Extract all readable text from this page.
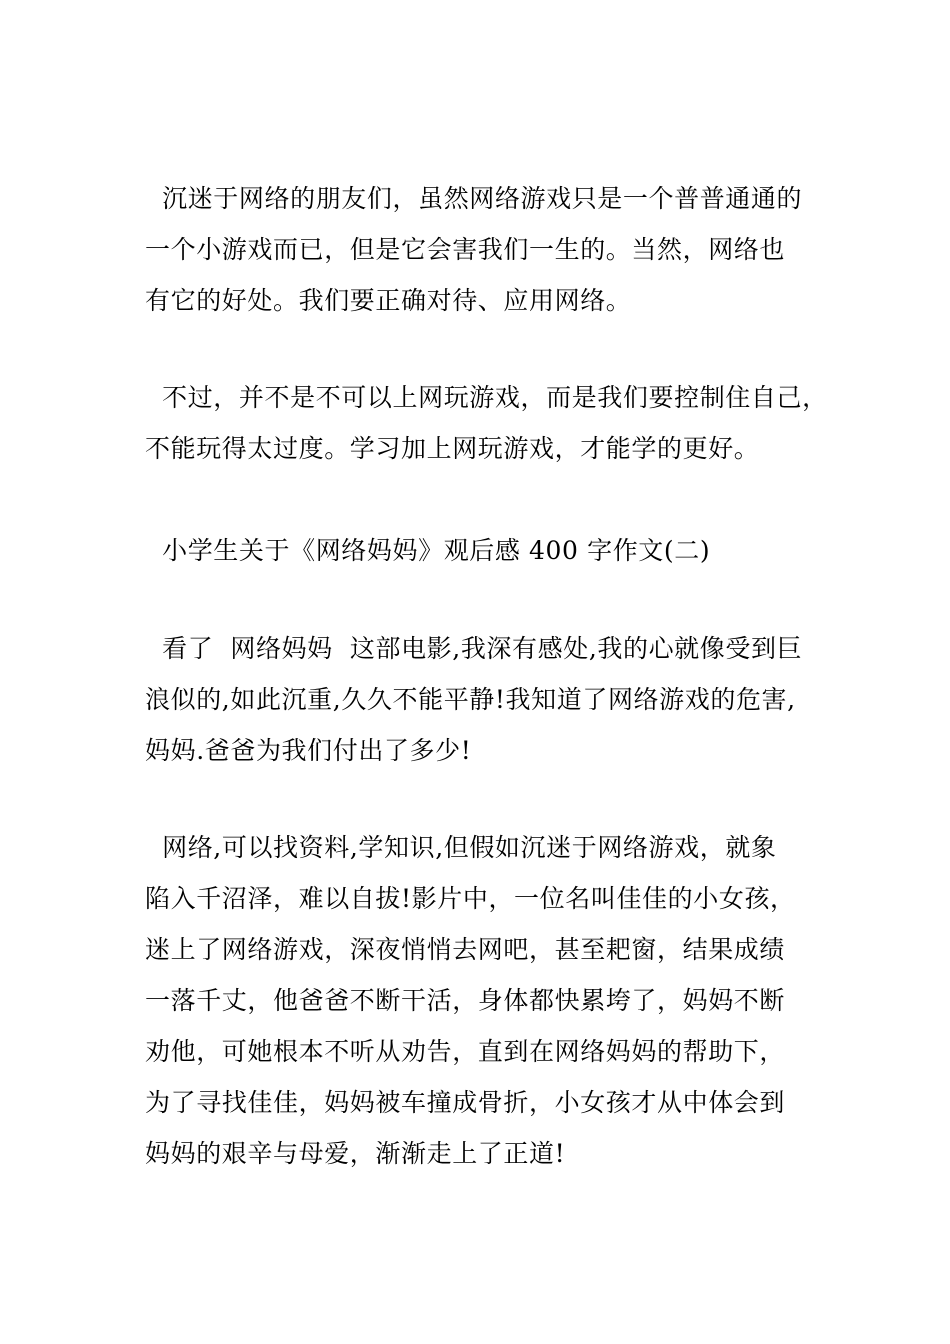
沉迷于网络的朋友们，虽然网络游戏只是一个普普通通的
一个小游戏而已，但是它会害我们一生的。当然，网络也
有它的好处。我们要正确对待、应用网络。
不过，并不是不可以上网玩游戏，而是我们要控制住自己，
不能玩得太过度。学习加上网玩游戏，才能学的更好。
小学生关于《网络妈妈》观后感 400 字作文(二)
看了  网络妈妈  这部电影,我深有感处,我的心就像受到巨
浪似的,如此沉重,久久不能平静!我知道了网络游戏的危害,
妈妈.爸爸为我们付出了多少!
网络,可以找资料,学知识,但假如沉迷于网络游戏，就象
陷入千沼泽，难以自拔!影片中，一位名叫佳佳的小女孩，
迷上了网络游戏，深夜悄悄去网吧，甚至耙窗，结果成绩
一落千丈，他爸爸不断干活，身体都快累垮了，妈妈不断
劝他，可她根本不听从劝告，直到在网络妈妈的帮助下，
为了寻找佳佳，妈妈被车撞成骨折，小女孩才从中体会到
妈妈的艰辛与母爱，渐渐走上了正道!
